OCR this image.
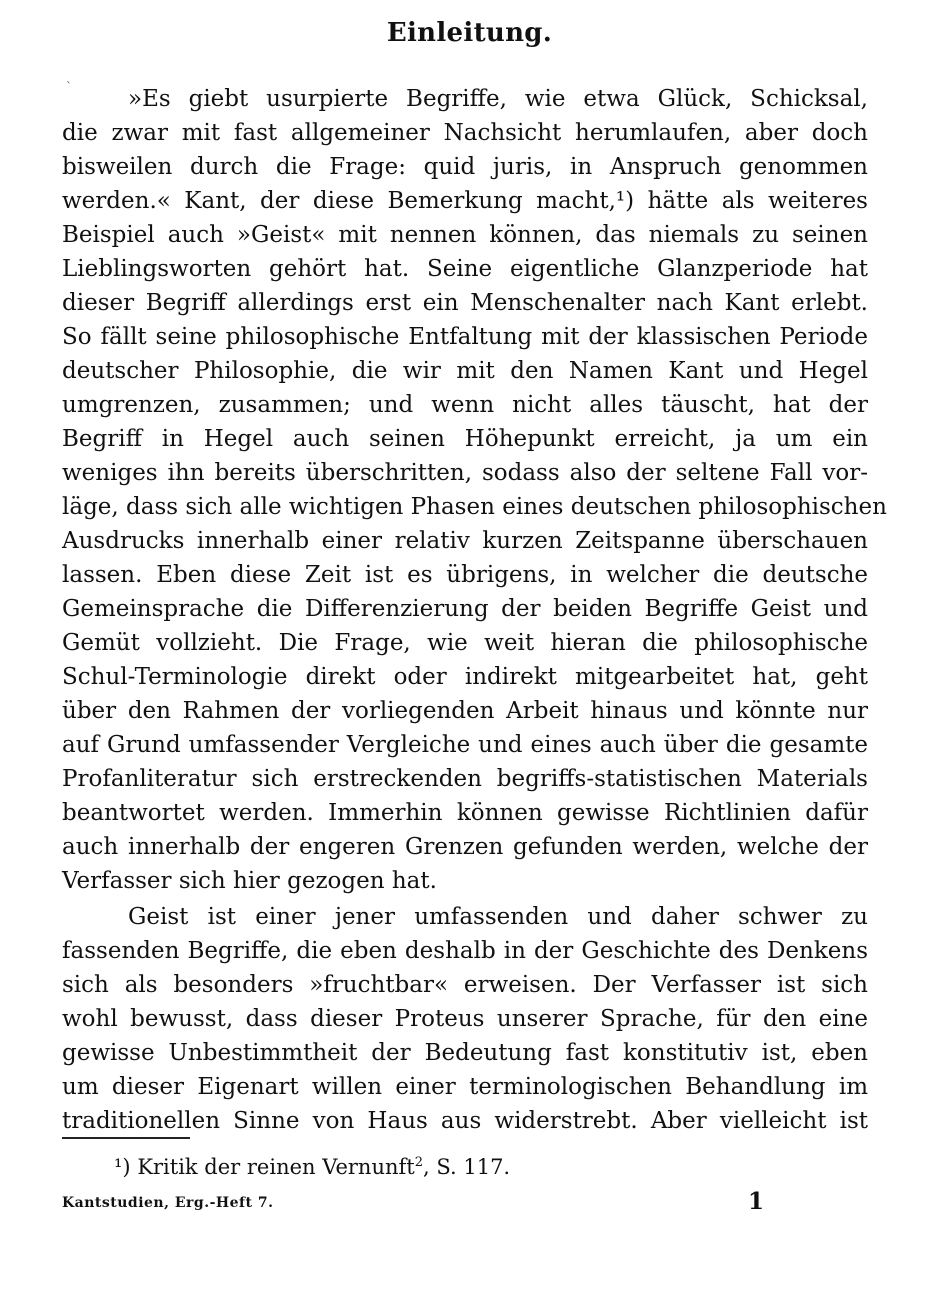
Einleitung.
ˋ	»Es giebt usurpierte Begriffe, wie etwa Glück, Schicksal,
die zwar mit fast allgemeiner Nachsicht herumlaufen, aber doch
bisweilen durch die Frage: quid juris, in Anspruch genommen
werden.« Kant, der diese Bemerkung macht,¹) hätte als weiteres
Beispiel auch »Geist« mit nennen können, das niemals zu seinen
Lieblingsworten gehört hat. Seine eigentliche Glanzperiode hat
dieser Begriff allerdings erst ein Menschenalter nach Kant erlebt.
So fällt seine philosophische Entfaltung mit der klassischen Periode
deutscher Philosophie, die wir mit den Namen Kant und Hegel
umgrenzen, zusammen; und wenn nicht alles täuscht, hat der
Begriff in Hegel auch seinen Höhepunkt erreicht, ja um ein
weniges ihn bereits überschritten, sodass also der seltene Fall vor-
läge, dass sich alle wichtigen Phasen eines deutschen philosophischen
Ausdrucks innerhalb einer relativ kurzen Zeitspanne überschauen
lassen. Eben diese Zeit ist es übrigens, in welcher die deutsche
Gemeinsprache die Differenzierung der beiden Begriffe Geist und
Gemüt vollzieht. Die Frage, wie weit hieran die philosophische
Schul-Terminologie direkt oder indirekt mitgearbeitet hat, geht
über den Rahmen der vorliegenden Arbeit hinaus und könnte nur
auf Grund umfassender Vergleiche und eines auch über die gesamte
Profanliteratur sich erstreckenden begriffs-statistischen Materials
beantwortet werden. Immerhin können gewisse Richtlinien dafür
auch innerhalb der engeren Grenzen gefunden werden, welche der
Verfasser sich hier gezogen hat.
Geist ist einer jener umfassenden und daher schwer zu
fassenden Begriffe, die eben deshalb in der Geschichte des Denkens
sich als besonders »fruchtbar« erweisen. Der Verfasser ist sich
wohl bewusst, dass dieser Proteus unserer Sprache, für den eine
gewisse Unbestimmtheit der Bedeutung fast konstitutiv ist, eben
um dieser Eigenart willen einer terminologischen Behandlung im
traditionellen Sinne von Haus aus widerstrebt. Aber vielleicht ist
¹) Kritik der reinen Vernunft$^2$, S. 117.
Kantstudien, Erg.-Heft 7.	1
